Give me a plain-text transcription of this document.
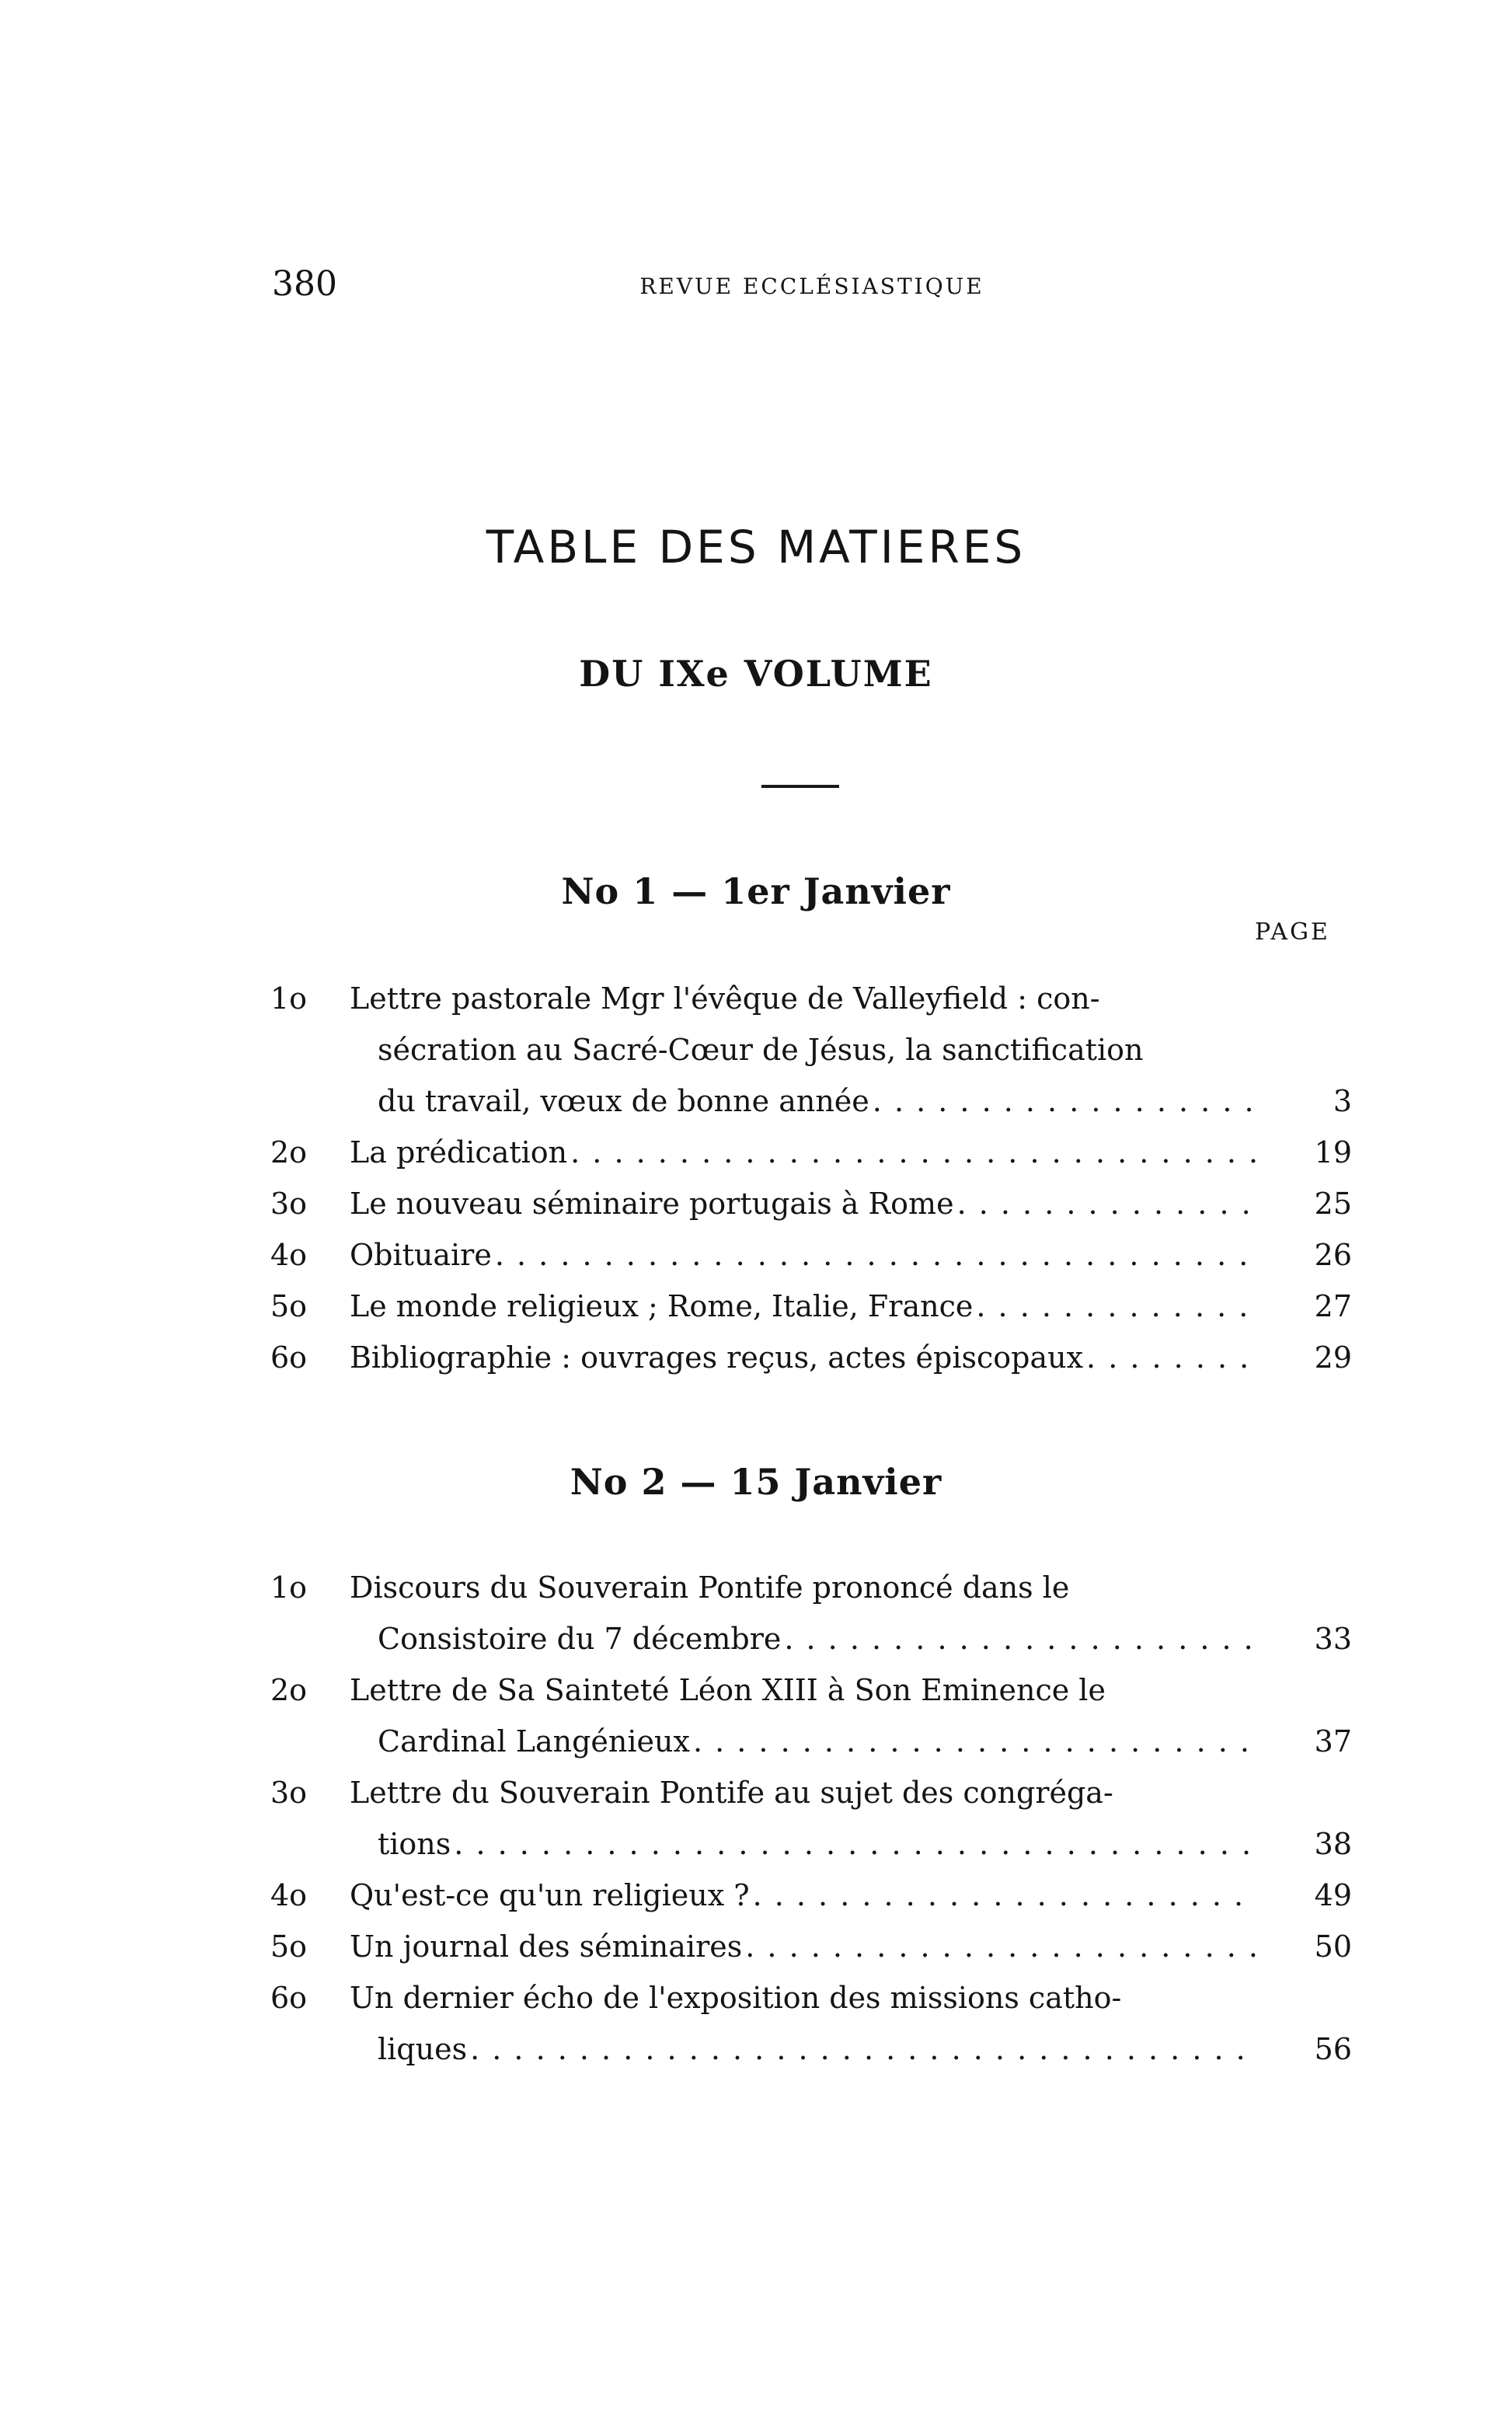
380	REVUE ECCLÉSIASTIQUE
TABLE DES MATIERES
DU IXe VOLUME
No 1 — 1er Janvier
PAGE
1o	Lettre pastorale Mgr l'évêque de Valleyfield : con-
sécration au Sacré-Cœur de Jésus, la sanctification
du travail, vœux de bonne année . . .	3
2o	La prédication . . .	19
3o	Le nouveau séminaire portugais à Rome . . .	25
4o	Obituaire . . .	26
5o	Le monde religieux ; Rome, Italie, France . . .	27
6o	Bibliographie : ouvrages reçus, actes épiscopaux . . .	29
No 2 — 15 Janvier
1o	Discours du Souverain Pontife prononcé dans le
Consistoire du 7 décembre . . .	33
2o	Lettre de Sa Sainteté Léon XIII à Son Eminence le
Cardinal Langénieux . . .	37
3o	Lettre du Souverain Pontife au sujet des congréga-
tions . . .	38
4o	Qu'est-ce qu'un religieux ? . . .	49
5o	Un journal des séminaires . . .	50
6o	Un dernier écho de l'exposition des missions catho-
liques . . .	56
